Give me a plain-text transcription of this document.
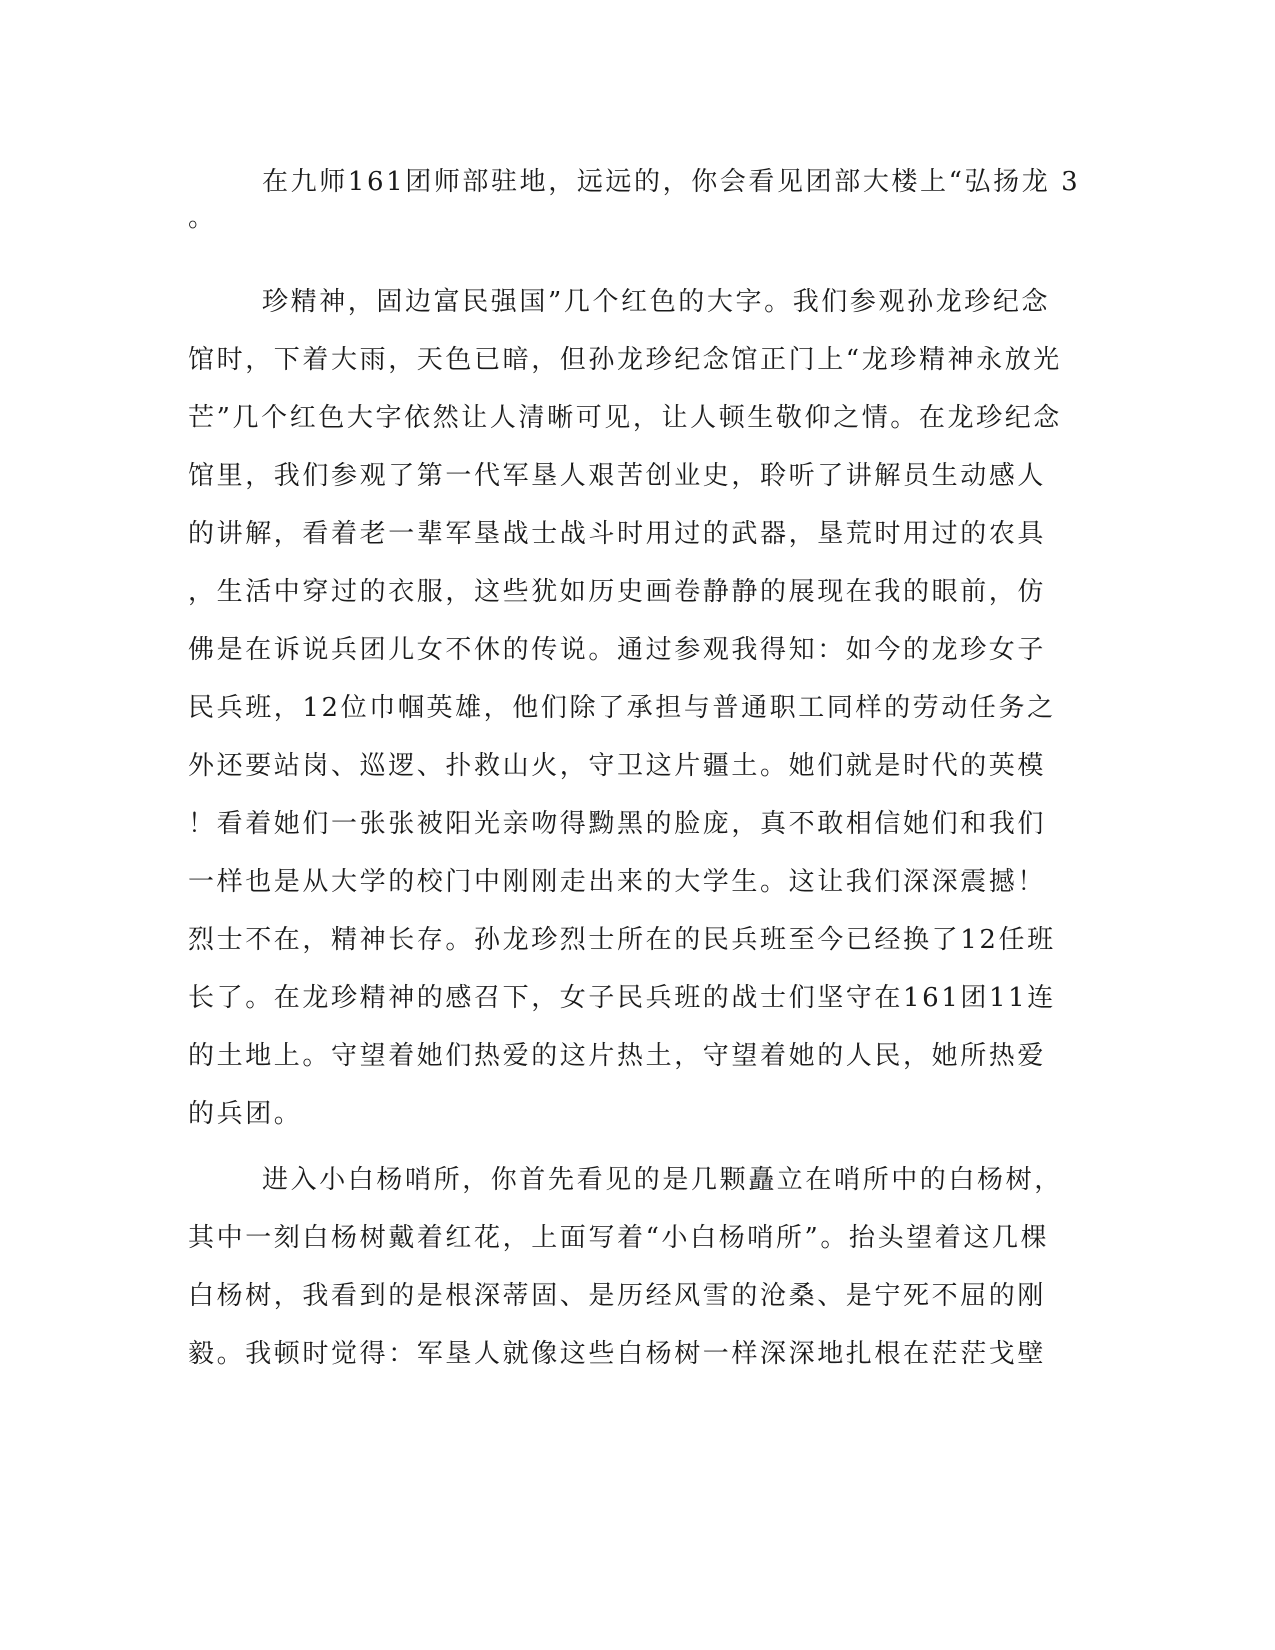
在九师161团师部驻地，远远的，你会看见团部大楼上“弘扬龙 3
。
珍精神，固边富民强国”几个红色的大字。我们参观孙龙珍纪念
馆时，下着大雨，天色已暗，但孙龙珍纪念馆正门上“龙珍精神永放光
芒”几个红色大字依然让人清晰可见，让人顿生敬仰之情。在龙珍纪念
馆里，我们参观了第一代军垦人艰苦创业史，聆听了讲解员生动感人
的讲解，看着老一辈军垦战士战斗时用过的武器，垦荒时用过的农具
，生活中穿过的衣服，这些犹如历史画卷静静的展现在我的眼前，仿
佛是在诉说兵团儿女不休的传说。通过参观我得知：如今的龙珍女子
民兵班，12位巾帼英雄，他们除了承担与普通职工同样的劳动任务之
外还要站岗、巡逻、扑救山火，守卫这片疆土。她们就是时代的英模
！看着她们一张张被阳光亲吻得黝黑的脸庞，真不敢相信她们和我们
一样也是从大学的校门中刚刚走出来的大学生。这让我们深深震撼！
烈士不在，精神长存。孙龙珍烈士所在的民兵班至今已经换了12任班
长了。在龙珍精神的感召下，女子民兵班的战士们坚守在161团11连
的土地上。守望着她们热爱的这片热土，守望着她的人民，她所热爱
的兵团。
进入小白杨哨所，你首先看见的是几颗矗立在哨所中的白杨树，
其中一刻白杨树戴着红花，上面写着“小白杨哨所”。抬头望着这几棵
白杨树，我看到的是根深蒂固、是历经风雪的沧桑、是宁死不屈的刚
毅。我顿时觉得：军垦人就像这些白杨树一样深深地扎根在茫茫戈壁
